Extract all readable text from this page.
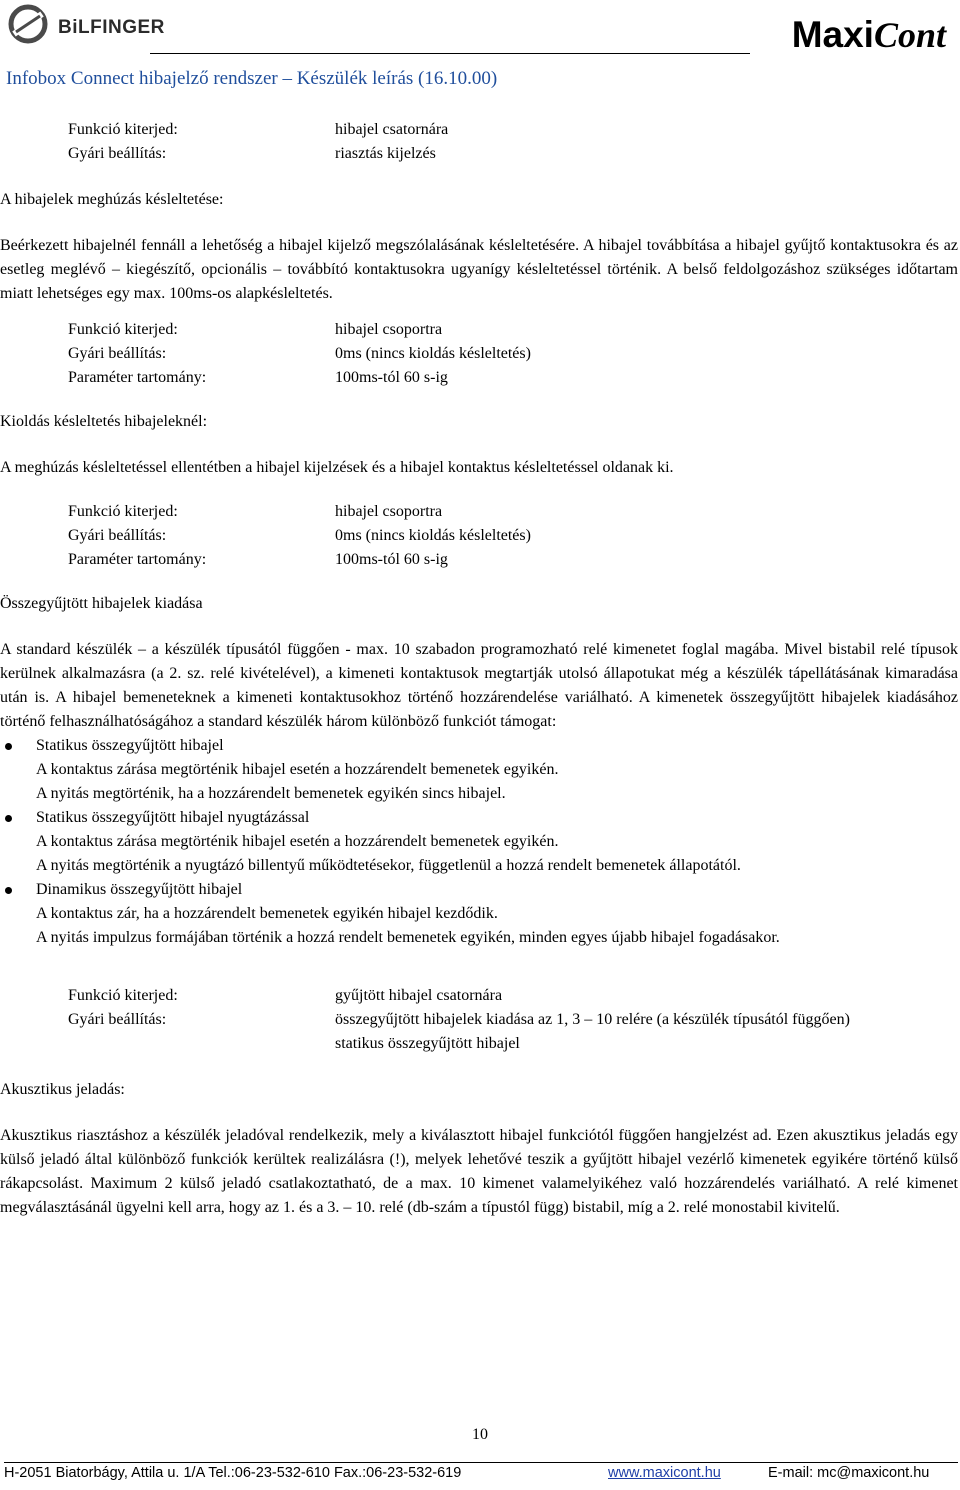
BiLFINGER	MaxiCont
Infobox Connect hibajelző rendszer – Készülék leírás (16.10.00)
Funkció kiterjed:	hibajel csatornára
Gyári beállítás:	riasztás kijelzés
A hibajelek meghúzás késleltetése:

Beérkezett hibajelnél fennáll a lehetőség a hibajel kijelző megszólalásának késleltetésére. A hibajel továbbítása a hibajel gyűjtő kontaktusokra és az esetleg meglévő – kiegészítő, opcionális – továbbító kontaktusokra ugyanígy késleltetéssel történik. A belső feldolgozáshoz szükséges időtartam miatt lehetséges egy max. 100ms-os alapkésleltetés.

Funkció kiterjed:	hibajel csoportra
Gyári beállítás:	0ms (nincs kioldás késleltetés)
Paraméter tartomány:	100ms-tól 60 s-ig
Kioldás késleltetés hibajeleknél:

A meghúzás késleltetéssel ellentétben a hibajel kijelzések és a hibajel kontaktus késleltetéssel oldanak ki.

Funkció kiterjed:	hibajel csoportra
Gyári beállítás:	0ms (nincs kioldás késleltetés)
Paraméter tartomány:	100ms-tól 60 s-ig
Összegyűjtött hibajelek kiadása

A standard készülék – a készülék típusától függően - max. 10 szabadon programozható relé kimenetet foglal magába. Mivel bistabil relé típusok kerülnek alkalmazásra (a 2. sz. relé kivételével), a kimeneti kontaktusok megtartják utolsó állapotukat még a készülék tápellátásának kimaradása után is. A hibajel bemeneteknek a kimeneti kontaktusokhoz történő hozzárendelése variálható. A kimenetek összegyűjtött hibajelek kiadásához történő felhasználhatóságához a standard készülék három különböző funkciót támogat:

Statikus összegyűjtött hibajel
A kontaktus zárása megtörténik hibajel esetén a hozzárendelt bemenetek egyikén.
A nyitás megtörténik, ha a hozzárendelt bemenetek egyikén sincs hibajel.
Statikus összegyűjtött hibajel nyugtázással
A kontaktus zárása megtörténik hibajel esetén a hozzárendelt bemenetek egyikén.
A nyitás megtörténik a nyugtázó billentyű működtetésekor, függetlenül a hozzá rendelt bemenetek állapotától.
Dinamikus összegyűjtött hibajel
A kontaktus zár, ha a hozzárendelt bemenetek egyikén hibajel kezdődik.
A nyitás impulzus formájában történik a hozzá rendelt bemenetek egyikén, minden egyes újabb hibajel fogadásakor.
Funkció kiterjed:	gyűjtött hibajel csatornára
Gyári beállítás:	összegyűjtött hibajelek kiadása az 1, 3 – 10 relére (a készülék típusától függően)
statikus összegyűjtött hibajel
Akusztikus jeladás:

Akusztikus riasztáshoz a készülék jeladóval rendelkezik, mely a kiválasztott hibajel funkciótól függően hangjelzést ad. Ezen akusztikus jeladás egy külső jeladó által különböző funkciók kerültek realizálásra (!), melyek lehetővé teszik a gyűjtött hibajel vezérlő kimenetek egyikére történő külső rákapcsolást. Maximum 2 külső jeladó csatlakoztatható, de a max. 10 kimenet valamelyikéhez való hozzárendelés variálható. A relé kimenet megválasztásánál ügyelni kell arra, hogy az 1. és a 3. – 10. relé (db-szám a típustól függ) bistabil, míg a 2. relé monostabil kivitelű.

10
H-2051 Biatorbágy, Attila u. 1/A Tel.:06-23-532-610 Fax.:06-23-532-619	www.maxicont.hu	E-mail: mc@maxicont.hu
